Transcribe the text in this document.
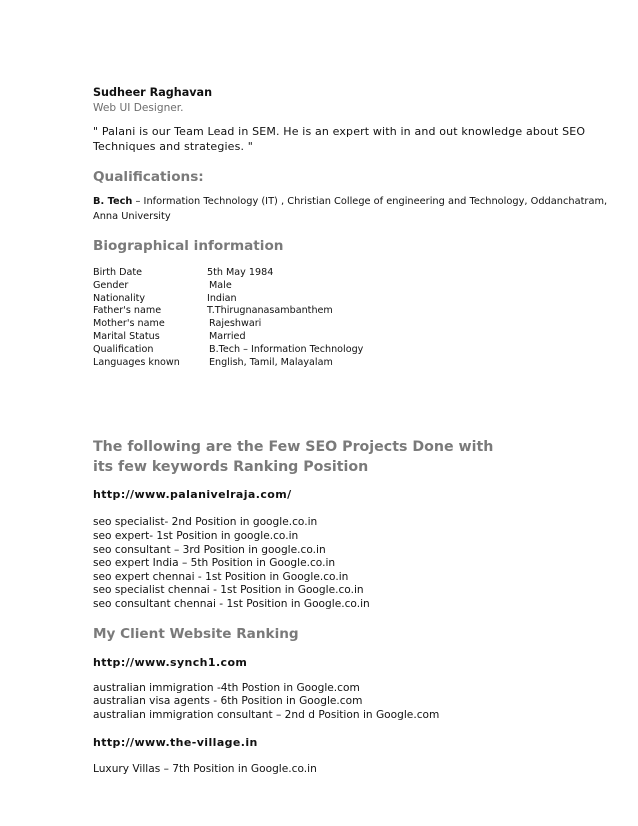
Sudheer Raghavan
Web UI Designer.
" Palani is our Team Lead in SEM. He is an expert with in and out knowledge about SEO Techniques and strategies. "
Qualifications:
B. Tech – Information Technology (IT) , Christian College of engineering and Technology, Oddanchatram, Anna University
Biographical information
Birth Date	5th May 1984
Gender	Male
Nationality	Indian
Father's name	T.Thirugnanasambanthem
Mother's name	Rajeshwari
Marital Status	Married
Qualification	B.Tech – Information Technology
Languages known	English, Tamil, Malayalam
The following are the Few SEO Projects Done with its few keywords Ranking Position
http://www.palanivelraja.com/
seo specialist- 2nd Position in google.co.in
seo expert- 1st Position in google.co.in
seo consultant – 3rd Position in google.co.in
seo expert India – 5th Position in Google.co.in
seo expert chennai - 1st Position in Google.co.in
seo specialist chennai - 1st Position in Google.co.in
seo consultant chennai - 1st Position in Google.co.in
My Client Website Ranking
http://www.synch1.com
australian immigration -4th Postion in Google.com
australian visa agents - 6th Position in Google.com
australian immigration consultant – 2nd d Position in Google.com
http://www.the-village.in
Luxury Villas – 7th Position in Google.co.in
